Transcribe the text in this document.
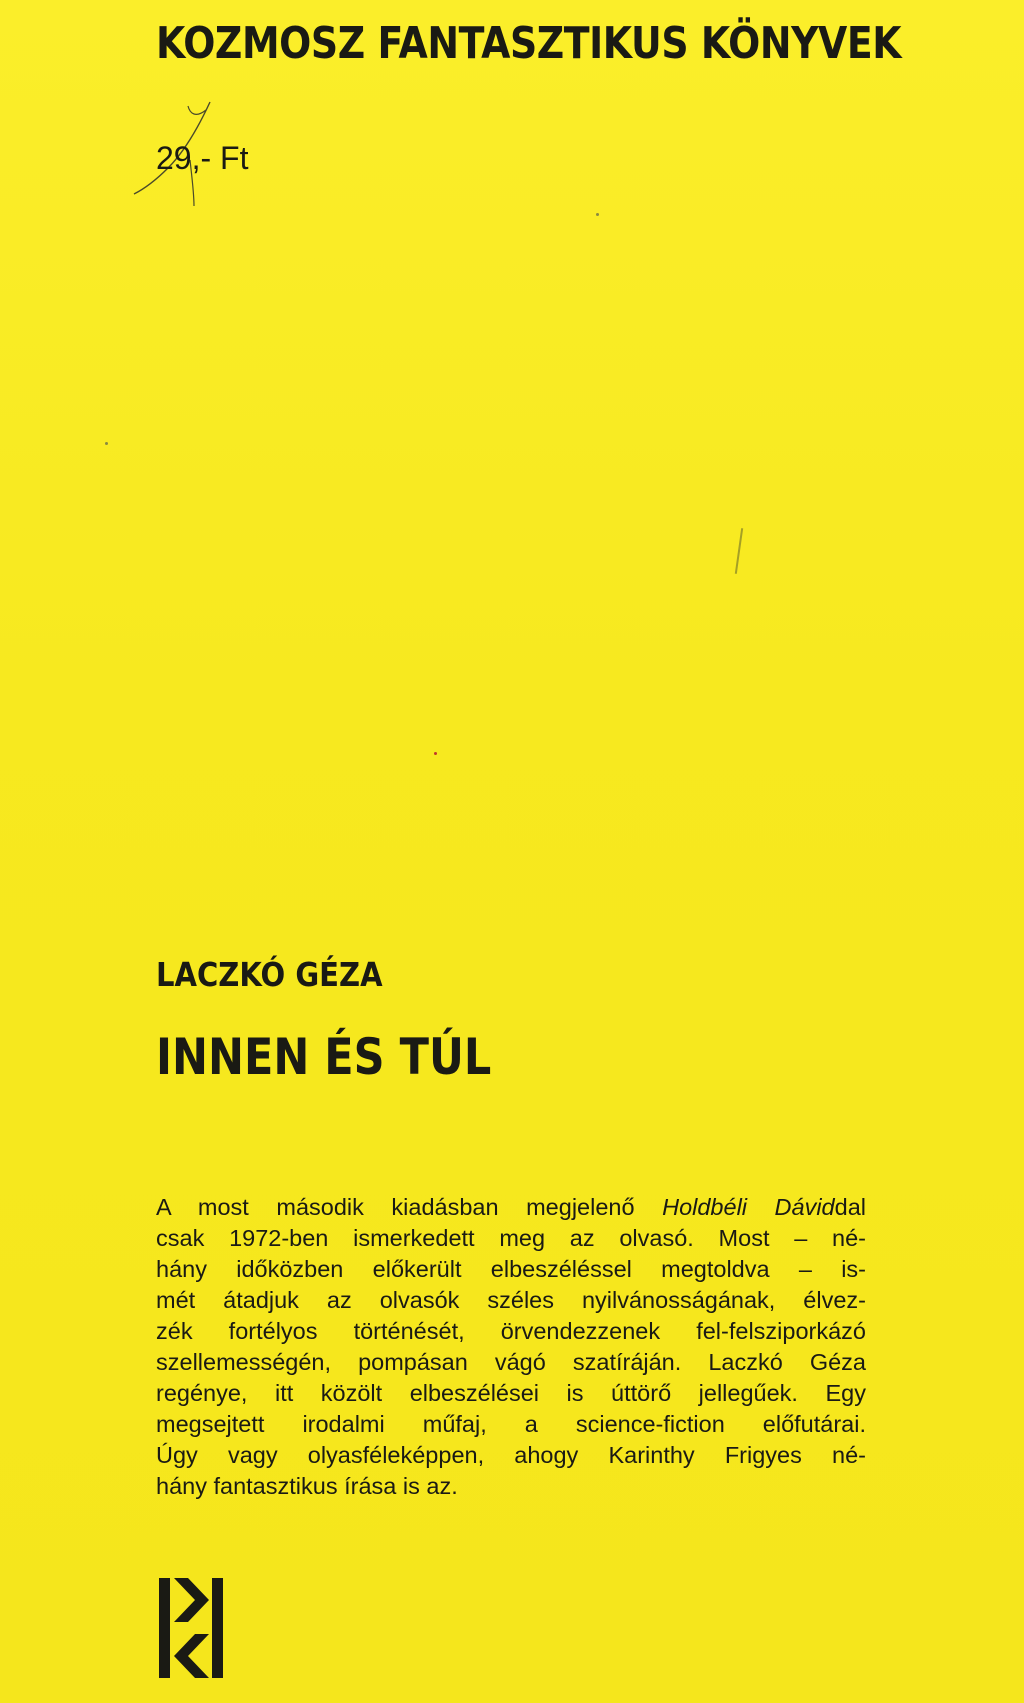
KOZMOSZ FANTASZTIKUS KÖNYVEK
29,- Ft
LACZKÓ GÉZA
INNEN ÉS TÚL
A most második kiadásban megjelenő Holdbéli Dáviddal
csak 1972-ben ismerkedett meg az olvasó. Most – né-
hány időközben előkerült elbeszéléssel megtoldva – is-
mét átadjuk az olvasók széles nyilvánosságának, élvez-
zék fortélyos történését, örvendezzenek fel-felsziporkázó
szellemességén, pompásan vágó szatíráján. Laczkó Géza
regénye, itt közölt elbeszélései is úttörő jellegűek. Egy
megsejtett irodalmi műfaj, a science-fiction előfutárai.
Úgy vagy olyasféleképpen, ahogy Karinthy Frigyes né-
hány fantasztikus írása is az.
